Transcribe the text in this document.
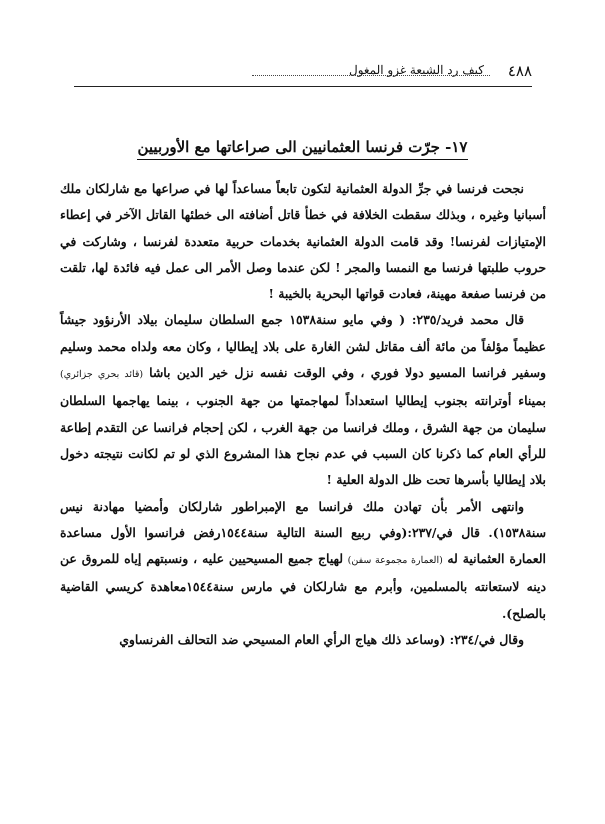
٤٨٨
كيف رد الشيعة غزو المغول
١٧- جرّت فرنسا العثمانيين الى صراعاتها مع الأوربيين

نجحت فرنسا في جرِّ الدولة العثمانية لتكون تابعاً مساعداً لها في صراعها مع شارلكان ملك أسبانيا وغيره ، وبذلك سقطت الخلافة في خطأ قاتل أضافته الى خطئها القاتل الآخر في إعطاء الإمتيازات لفرنسا! وقد قامت الدولة العثمانية بخدمات حربية متعددة لفرنسا ، وشاركت في حروب طلبتها فرنسا مع النمسا والمجر ! لكن عندما وصل الأمر الى عمل فيه فائدة لها، تلقت من فرنسا صفعة مهينة، فعادت قواتها البحرية بالخيبة !

قال محمد فريد/٢٣٥: ( وفي مايو سنة١٥٣٨ جمع السلطان سليمان بيلاد الأرنؤود جيشاً عظيماً مؤلفاً من مائة ألف مقاتل لشن الغارة على بلاد إيطاليا ، وكان معه ولداه محمد وسليم وسفير فرانسا المسيو دولا فوري ، وفي الوقت نفسه نزل خير الدين باشا (قائد بحري جزائري) بميناء أوترانته بجنوب إيطاليا استعداداً لمهاجمتها من جهة الجنوب ، بينما يهاجمها السلطان سليمان من جهة الشرق ، وملك فرانسا من جهة الغرب ، لكن إحجام فرانسا عن التقدم إطاعة للرأي العام كما ذكرنا كان السبب في عدم نجاح هذا المشروع الذي لو تم لكانت نتيجته دخول بلاد إيطاليا بأسرها تحت ظل الدولة العلية !

وانتهى الأمر بأن تهادن ملك فرانسا مع الإمبراطور شارلكان وأمضيا مهادنة نيس سنة١٥٣٨). قال في/٢٣٧:(وفي ربيع السنة التالية سنة١٥٤٤رفض فرانسوا الأول مساعدة العمارة العثمانية له (العمارة مجموعة سفن) لهياج جميع المسيحيين عليه ، ونسبتهم إياه للمروق عن دينه لاستعانته بالمسلمين، وأبرم مع شارلكان في مارس سنة١٥٤٤معاهدة كريسي القاضية بالصلح).

وقال في/٢٣٤: (وساعد ذلك هياج الرأي العام المسيحي ضد التحالف الفرنساوي
